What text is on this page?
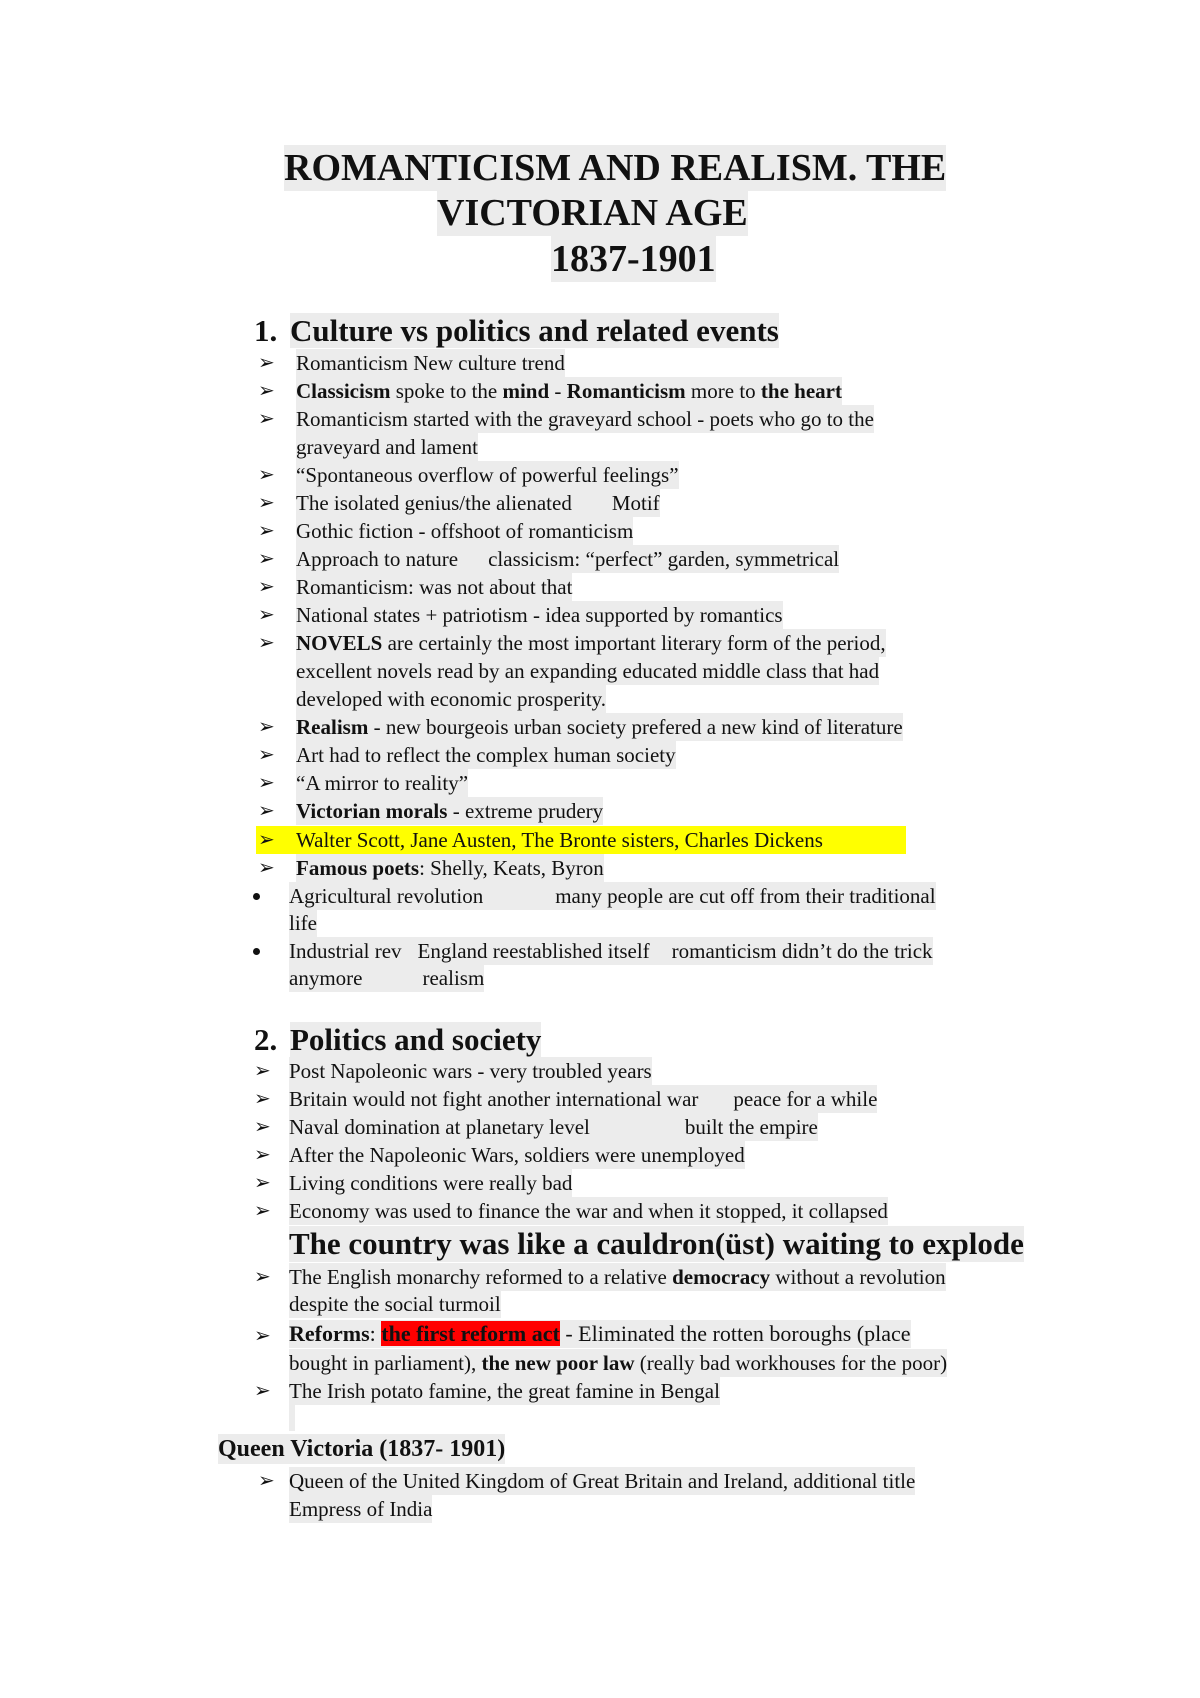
ROMANTICISM AND REALISM. THE
VICTORIAN AGE
1837-1901
1. Culture vs politics and related events
➢	Romanticism New culture trend
➢	Classicism spoke to the mind - Romanticism more to the heart
➢	Romanticism started with the graveyard school - poets who go to the
graveyard and lament
➢	“Spontaneous overflow of powerful feelings”
➢	The isolated genius/the alienated Motif
➢	Gothic fiction - offshoot of romanticism
➢	Approach to nature classicism: “perfect” garden, symmetrical
➢	Romanticism: was not about that
➢	National states + patriotism - idea supported by romantics
➢	NOVELS are certainly the most important literary form of the period,
excellent novels read by an expanding educated middle class that had
developed with economic prosperity.
➢	Realism - new bourgeois urban society prefered a new kind of literature
➢	Art had to reflect the complex human society
➢	“A mirror to reality”
➢	Victorian morals - extreme prudery
➢	Walter Scott, Jane Austen, The Bronte sisters, Charles Dickens
➢	Famous poets: Shelly, Keats, Byron
Agricultural revolution	many people are cut off from their traditional
life
Industrial rev England reestablished itself romanticism didn’t do the trick
anymore	realism
2. Politics and society
➢ Post Napoleonic wars - very troubled years
➢ Britain would not fight another international war peace for a while
➢ Naval domination at planetary level	built the empire
➢ After the Napoleonic Wars, soldiers were unemployed
➢ Living conditions were really bad
➢ Economy was used to finance the war and when it stopped, it collapsed
The country was like a cauldron(üst) waiting to explode
➢ The English monarchy reformed to a relative democracy without a revolution
despite the social turmoil
➢ Reforms: the first reform act - Eliminated the rotten boroughs (place
bought in parliament), the new poor law (really bad workhouses for the poor)
➢ The Irish potato famine, the great famine in Bengal
Queen Victoria (1837- 1901)
➢ Queen of the United Kingdom of Great Britain and Ireland, additional title
Empress of India
